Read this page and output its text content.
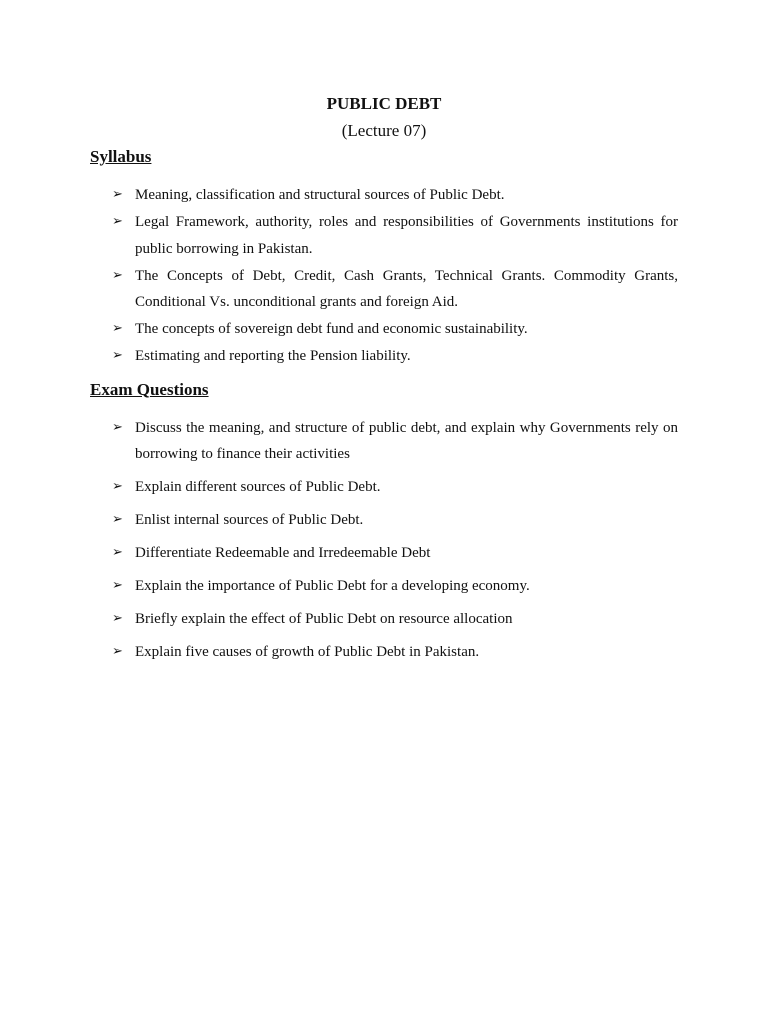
PUBLIC DEBT
(Lecture 07)
Syllabus
➢ Meaning, classification and structural sources of Public Debt.
➢ Legal Framework, authority, roles and responsibilities of Governments institutions for public borrowing in Pakistan.
➢ The Concepts of Debt, Credit, Cash Grants, Technical Grants. Commodity Grants, Conditional Vs. unconditional grants and foreign Aid.
➢ The concepts of sovereign debt fund and economic sustainability.
➢ Estimating and reporting the Pension liability.
Exam Questions
➢ Discuss the meaning, and structure of public debt, and explain why Governments rely on borrowing to finance their activities
➢ Explain different sources of Public Debt.
➢ Enlist internal sources of Public Debt.
➢ Differentiate Redeemable and Irredeemable Debt
➢ Explain the importance of Public Debt for a developing economy.
➢ Briefly explain the effect of Public Debt on resource allocation
➢ Explain five causes of growth of Public Debt in Pakistan.
